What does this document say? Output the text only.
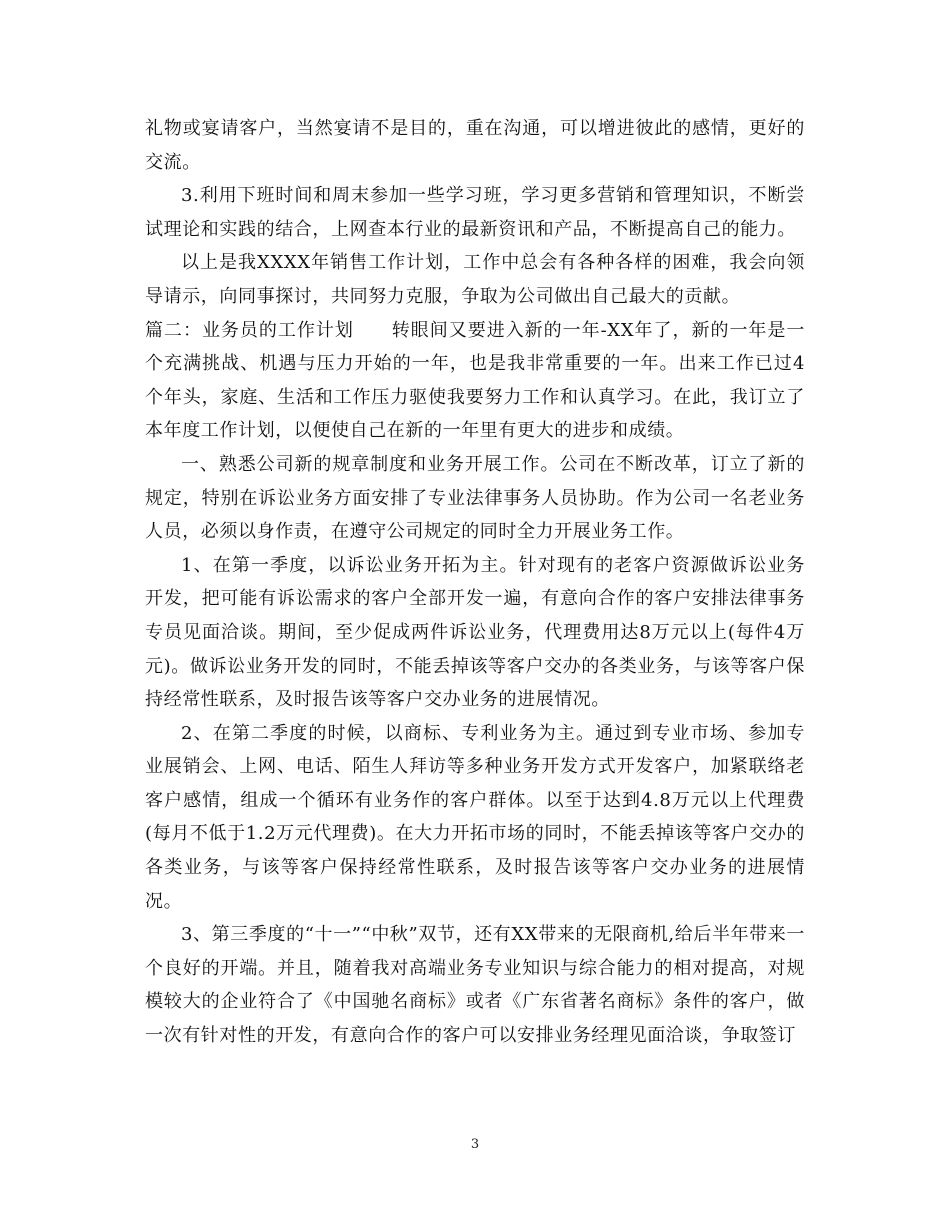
礼物或宴请客户，当然宴请不是目的，重在沟通，可以增进彼此的感情，更好的交流。

3.利用下班时间和周末参加一些学习班，学习更多营销和管理知识，不断尝试理论和实践的结合，上网查本行业的最新资讯和产品，不断提高自己的能力。

以上是我XXXX年销售工作计划，工作中总会有各种各样的困难，我会向领导请示，向同事探讨，共同努力克服，争取为公司做出自己最大的贡献。

篇二：业务员的工作计划　　转眼间又要进入新的一年-XX年了，新的一年是一个充满挑战、机遇与压力开始的一年，也是我非常重要的一年。出来工作已过4个年头，家庭、生活和工作压力驱使我要努力工作和认真学习。在此，我订立了本年度工作计划，以便使自己在新的一年里有更大的进步和成绩。

一、熟悉公司新的规章制度和业务开展工作。公司在不断改革，订立了新的规定，特别在诉讼业务方面安排了专业法律事务人员协助。作为公司一名老业务人员，必须以身作责，在遵守公司规定的同时全力开展业务工作。

1、在第一季度，以诉讼业务开拓为主。针对现有的老客户资源做诉讼业务开发，把可能有诉讼需求的客户全部开发一遍，有意向合作的客户安排法律事务专员见面洽谈。期间，至少促成两件诉讼业务，代理费用达8万元以上(每件4万元)。做诉讼业务开发的同时，不能丢掉该等客户交办的各类业务，与该等客户保持经常性联系，及时报告该等客户交办业务的进展情况。

2、在第二季度的时候，以商标、专利业务为主。通过到专业市场、参加专业展销会、上网、电话、陌生人拜访等多种业务开发方式开发客户，加紧联络老客户感情，组成一个循环有业务作的客户群体。以至于达到4.8万元以上代理费(每月不低于1.2万元代理费)。在大力开拓市场的同时，不能丢掉该等客户交办的各类业务，与该等客户保持经常性联系，及时报告该等客户交办业务的进展情况。

3、第三季度的“十一”“中秋”双节，还有XX带来的无限商机,给后半年带来一个良好的开端。并且，随着我对高端业务专业知识与综合能力的相对提高，对规模较大的企业符合了《中国驰名商标》或者《广东省著名商标》条件的客户，做一次有针对性的开发，有意向合作的客户可以安排业务经理见面洽谈，争取签订

3
